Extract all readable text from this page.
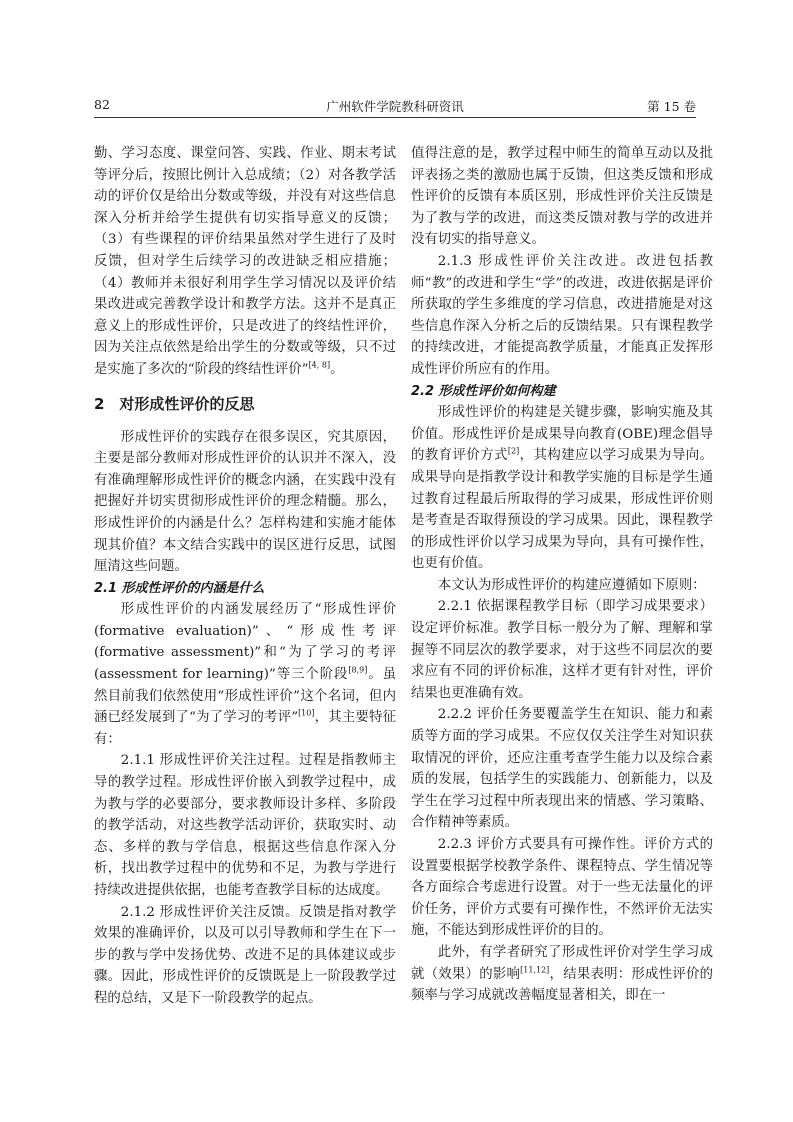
82	广州软件学院教科研资讯	第 15 卷

勤、学习态度、课堂问答、实践、作业、期末考试等评分后，按照比例计入总成绩；（2）对各教学活动的评价仅是给出分数或等级，并没有对这些信息深入分析并给学生提供有切实指导意义的反馈；（3）有些课程的评价结果虽然对学生进行了及时反馈，但对学生后续学习的改进缺乏相应措施；（4）教师并未很好利用学生学习情况以及评价结果改进或完善教学设计和教学方法。这并不是真正意义上的形成性评价，只是改进了的终结性评价，因为关注点依然是给出学生的分数或等级，只不过是实施了多次的“阶段的终结性评价”[4, 8]。

2　对形成性评价的反思

形成性评价的实践存在很多误区，究其原因，主要是部分教师对形成性评价的认识并不深入，没有准确理解形成性评价的概念内涵，在实践中没有把握好并切实贯彻形成性评价的理念精髓。那么，形成性评价的内涵是什么？怎样构建和实施才能体现其价值？本文结合实践中的误区进行反思，试图厘清这些问题。

2.1 形成性评价的内涵是什么

形成性评价的内涵发展经历了“形成性评价(formative evaluation)”、“形成性考评(formative assessment)”和“为了学习的考评(assessment for learning)”等三个阶段[8,9]。虽然目前我们依然使用“形成性评价”这个名词，但内涵已经发展到了“为了学习的考评”[10]，其主要特征有：

2.1.1 形成性评价关注过程。过程是指教师主导的教学过程。形成性评价嵌入到教学过程中，成为教与学的必要部分，要求教师设计多样、多阶段的教学活动，对这些教学活动评价，获取实时、动态、多样的教与学信息，根据这些信息作深入分析，找出教学过程中的优势和不足，为教与学进行持续改进提供依据，也能考查教学目标的达成度。

2.1.2 形成性评价关注反馈。反馈是指对教学效果的准确评价，以及可以引导教师和学生在下一步的教与学中发扬优势、改进不足的具体建议或步骤。因此，形成性评价的反馈既是上一阶段教学过程的总结，又是下一阶段教学的起点。

值得注意的是，教学过程中师生的简单互动以及批评表扬之类的激励也属于反馈，但这类反馈和形成性评价的反馈有本质区别，形成性评价关注反馈是为了教与学的改进，而这类反馈对教与学的改进并没有切实的指导意义。

2.1.3 形成性评价关注改进。改进包括教师“教”的改进和学生“学”的改进，改进依据是评价所获取的学生多维度的学习信息，改进措施是对这些信息作深入分析之后的反馈结果。只有课程教学的持续改进，才能提高教学质量，才能真正发挥形成性评价所应有的作用。

2.2 形成性评价如何构建

形成性评价的构建是关键步骤，影响实施及其价值。形成性评价是成果导向教育(OBE)理念倡导的教育评价方式[2]，其构建应以学习成果为导向。成果导向是指教学设计和教学实施的目标是学生通过教育过程最后所取得的学习成果，形成性评价则是考查是否取得预设的学习成果。因此，课程教学的形成性评价以学习成果为导向，具有可操作性，也更有价值。

本文认为形成性评价的构建应遵循如下原则：

2.2.1 依据课程教学目标（即学习成果要求）设定评价标准。教学目标一般分为了解、理解和掌握等不同层次的教学要求，对于这些不同层次的要求应有不同的评价标准，这样才更有针对性，评价结果也更准确有效。

2.2.2 评价任务要覆盖学生在知识、能力和素质等方面的学习成果。不应仅仅关注学生对知识获取情况的评价，还应注重考查学生能力以及综合素质的发展，包括学生的实践能力、创新能力，以及学生在学习过程中所表现出来的情感、学习策略、合作精神等素质。

2.2.3 评价方式要具有可操作性。评价方式的设置要根据学校教学条件、课程特点、学生情况等各方面综合考虑进行设置。对于一些无法量化的评价任务，评价方式要有可操作性，不然评价无法实施，不能达到形成性评价的目的。

此外，有学者研究了形成性评价对学生学习成就（效果）的影响[11,12]，结果表明：形成性评价的频率与学习成就改善幅度显著相关，即在一
